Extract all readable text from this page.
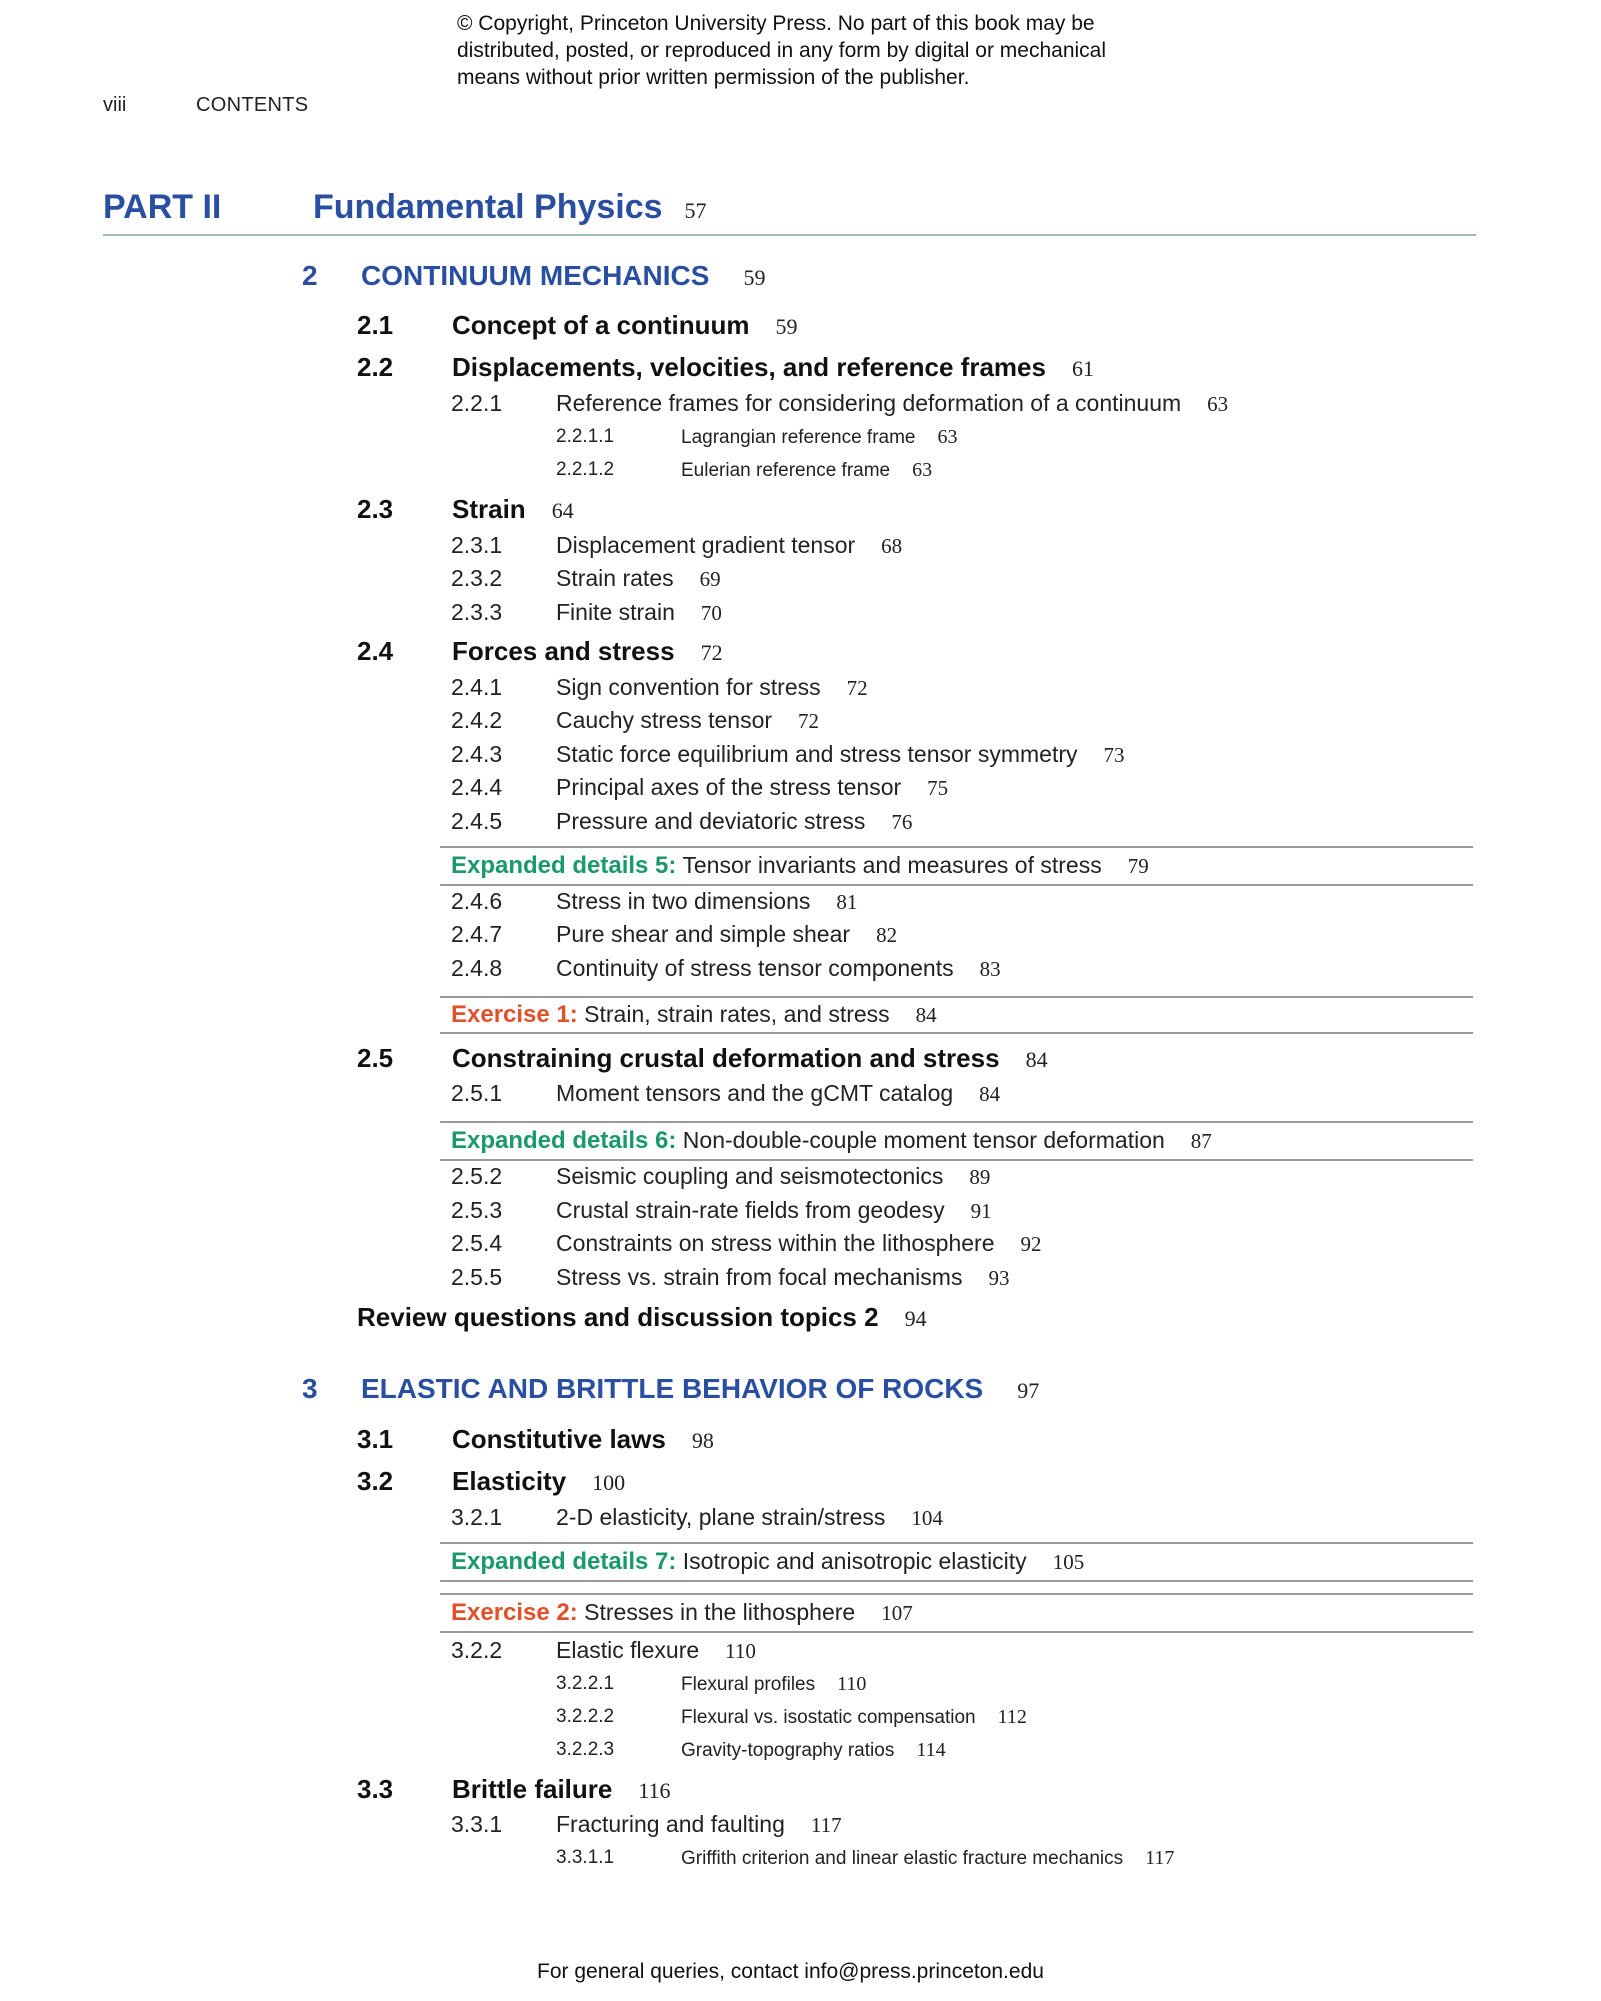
© Copyright, Princeton University Press. No part of this book may be
distributed, posted, or reproduced in any form by digital or mechanical
means without prior written permission of the publisher.
viii	CONTENTS
PART II	Fundamental Physics 57
2 CONTINUUM MECHANICS 59
2.1 Concept of a continuum 59
2.2 Displacements, velocities, and reference frames 61
2.2.1 Reference frames for considering deformation of a continuum 63
2.2.1.1	Lagrangian reference frame 63
2.2.1.2	Eulerian reference frame 63
2.3 Strain 64
2.3.1 Displacement gradient tensor 68
2.3.2 Strain rates 69
2.3.3 Finite strain 70
2.4 Forces and stress 72
2.4.1 Sign convention for stress 72
2.4.2 Cauchy stress tensor 72
2.4.3 Static force equilibrium and stress tensor symmetry 73
2.4.4 Principal axes of the stress tensor 75
2.4.5 Pressure and deviatoric stress 76
Expanded details 5: Tensor invariants and measures of stress 79
2.4.6 Stress in two dimensions 81
2.4.7 Pure shear and simple shear 82
2.4.8 Continuity of stress tensor components 83
Exercise 1: Strain, strain rates, and stress 84
2.5 Constraining crustal deformation and stress 84
2.5.1 Moment tensors and the gCMT catalog 84
Expanded details 6: Non-double-couple moment tensor deformation 87
2.5.2 Seismic coupling and seismotectonics 89
2.5.3 Crustal strain-rate fields from geodesy 91
2.5.4 Constraints on stress within the lithosphere 92
2.5.5 Stress vs. strain from focal mechanisms 93
Review questions and discussion topics 2 94
3 ELASTIC AND BRITTLE BEHAVIOR OF ROCKS 97
3.1 Constitutive laws 98
3.2 Elasticity 100
3.2.1 2-D elasticity, plane strain/stress 104
Expanded details 7: Isotropic and anisotropic elasticity 105
Exercise 2: Stresses in the lithosphere 107
3.2.2 Elastic flexure 110
3.2.2.1	Flexural profiles 110
3.2.2.2	Flexural vs. isostatic compensation 112
3.2.2.3	Gravity-topography ratios 114
3.3 Brittle failure 116
3.3.1 Fracturing and faulting 117
3.3.1.1	Griffith criterion and linear elastic fracture mechanics 117
For general queries, contact info@press.princeton.edu
